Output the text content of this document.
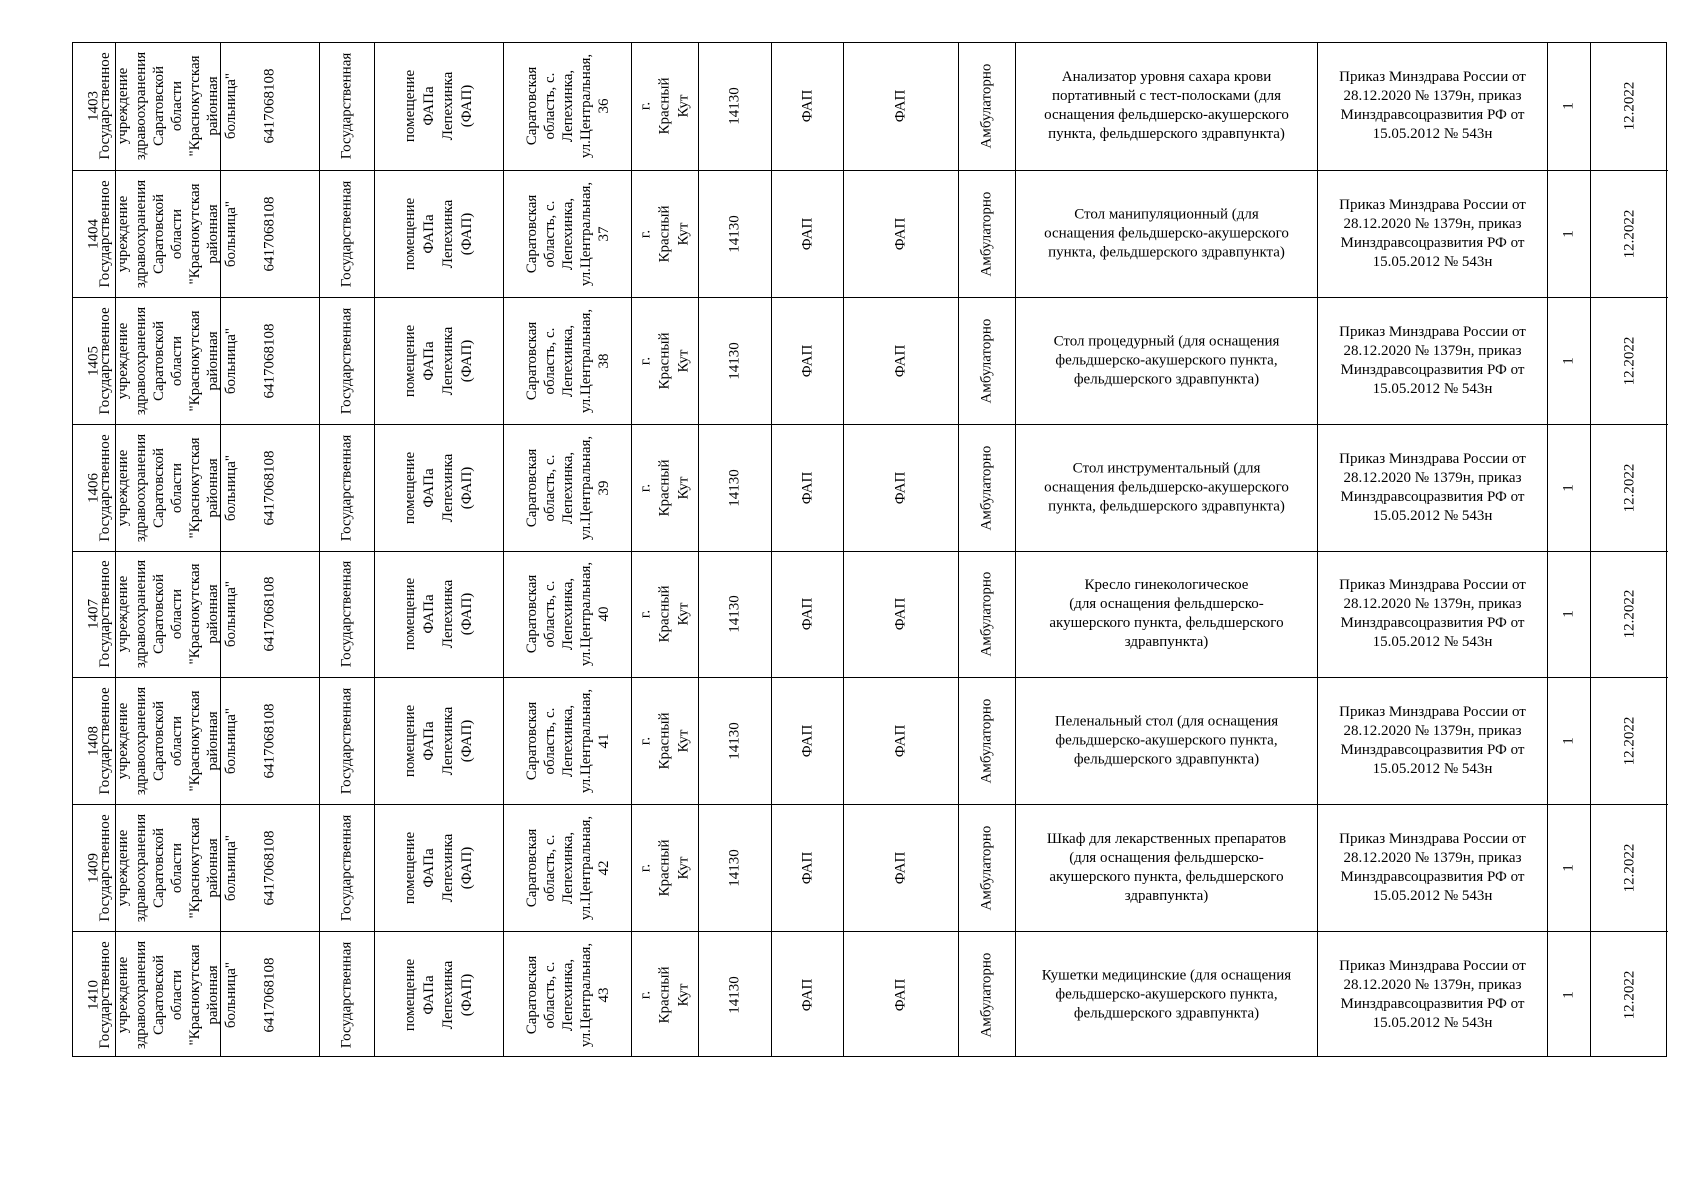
1403
1404
1405
1406
1407
1408
1409
1410
Государственное
учреждение
здравоохранения
Саратовской
области
"Краснокутская
районная
больница"
Государственное
учреждение
здравоохранения
Саратовской
области
"Краснокутская
районная
больница"
Государственное
учреждение
здравоохранения
Саратовской
области
"Краснокутская
районная
больница"
Государственное
учреждение
здравоохранения
Саратовской
области
"Краснокутская
районная
больница"
Государственное
учреждение
здравоохранения
Саратовской
области
"Краснокутская
районная
больница"
Государственное
учреждение
здравоохранения
Саратовской
области
"Краснокутская
районная
больница"
Государственное
учреждение
здравоохранения
Саратовской
области
"Краснокутская
районная
больница"
Государственное
учреждение
здравоохранения
Саратовской
области
"Краснокутская
районная
больница"
6417068108
6417068108
6417068108
6417068108
6417068108
6417068108
6417068108
6417068108
Государственная
Государственная
Государственная
Государственная
Государственная
Государственная
Государственная
Государственная
помещение ФАПа
Лепехинка (ФАП)
помещение ФАПа
Лепехинка (ФАП)
помещение ФАПа
Лепехинка (ФАП)
помещение ФАПа
Лепехинка (ФАП)
помещение ФАПа
Лепехинка (ФАП)
помещение ФАПа
Лепехинка (ФАП)
помещение ФАПа
Лепехинка (ФАП)
помещение ФАПа
Лепехинка (ФАП)
Саратовская
область, с.
Лепехинка,
ул.Центральная,
36
Саратовская
область, с.
Лепехинка,
ул.Центральная,
37
Саратовская
область, с.
Лепехинка,
ул.Центральная,
38
Саратовская
область, с.
Лепехинка,
ул.Центральная,
39
Саратовская
область, с.
Лепехинка,
ул.Центральная,
40
Саратовская
область, с.
Лепехинка,
ул.Центральная,
41
Саратовская
область, с.
Лепехинка,
ул.Центральная,
42
Саратовская
область, с.
Лепехинка,
ул.Центральная,
43
г. Красный Кут
г. Красный Кут
г. Красный Кут
г. Красный Кут
г. Красный Кут
г. Красный Кут
г. Красный Кут
г. Красный Кут
14130
14130
14130
14130
14130
14130
14130
14130
ФАП
ФАП
ФАП
ФАП
ФАП
ФАП
ФАП
ФАП
ФАП
ФАП
ФАП
ФАП
ФАП
ФАП
ФАП
ФАП
Амбулаторно
Амбулаторно
Амбулаторно
Амбулаторно
Амбулаторно
Амбулаторно
Амбулаторно
Амбулаторно
Анализатор уровня сахара крови
портативный с тест-полосками (для
оснащения фельдшерско-акушерского
пункта, фельдшерского здравпункта)
Стол манипуляционный (для
оснащения фельдшерско-акушерского
пункта, фельдшерского здравпункта)
Стол процедурный (для оснащения
фельдшерско-акушерского пункта,
фельдшерского здравпункта)
Стол инструментальный (для
оснащения фельдшерско-акушерского
пункта, фельдшерского здравпункта)
Кресло гинекологическое
(для оснащения фельдшерско-
акушерского пункта, фельдшерского
здравпункта)
Пеленальный стол (для оснащения
фельдшерско-акушерского пункта,
фельдшерского здравпункта)
Шкаф для лекарственных препаратов
(для оснащения фельдшерско-
акушерского пункта, фельдшерского
здравпункта)
Кушетки медицинские (для оснащения
фельдшерско-акушерского пункта,
фельдшерского здравпункта)
Приказ Минздрава России от
28.12.2020 № 1379н, приказ
Минздравсоцразвития РФ от
15.05.2012 № 543н
Приказ Минздрава России от
28.12.2020 № 1379н, приказ
Минздравсоцразвития РФ от
15.05.2012 № 543н
Приказ Минздрава России от
28.12.2020 № 1379н, приказ
Минздравсоцразвития РФ от
15.05.2012 № 543н
Приказ Минздрава России от
28.12.2020 № 1379н, приказ
Минздравсоцразвития РФ от
15.05.2012 № 543н
Приказ Минздрава России от
28.12.2020 № 1379н, приказ
Минздравсоцразвития РФ от
15.05.2012 № 543н
Приказ Минздрава России от
28.12.2020 № 1379н, приказ
Минздравсоцразвития РФ от
15.05.2012 № 543н
Приказ Минздрава России от
28.12.2020 № 1379н, приказ
Минздравсоцразвития РФ от
15.05.2012 № 543н
Приказ Минздрава России от
28.12.2020 № 1379н, приказ
Минздравсоцразвития РФ от
15.05.2012 № 543н
1
1
1
1
1
1
1
1
12.2022
12.2022
12.2022
12.2022
12.2022
12.2022
12.2022
12.2022
